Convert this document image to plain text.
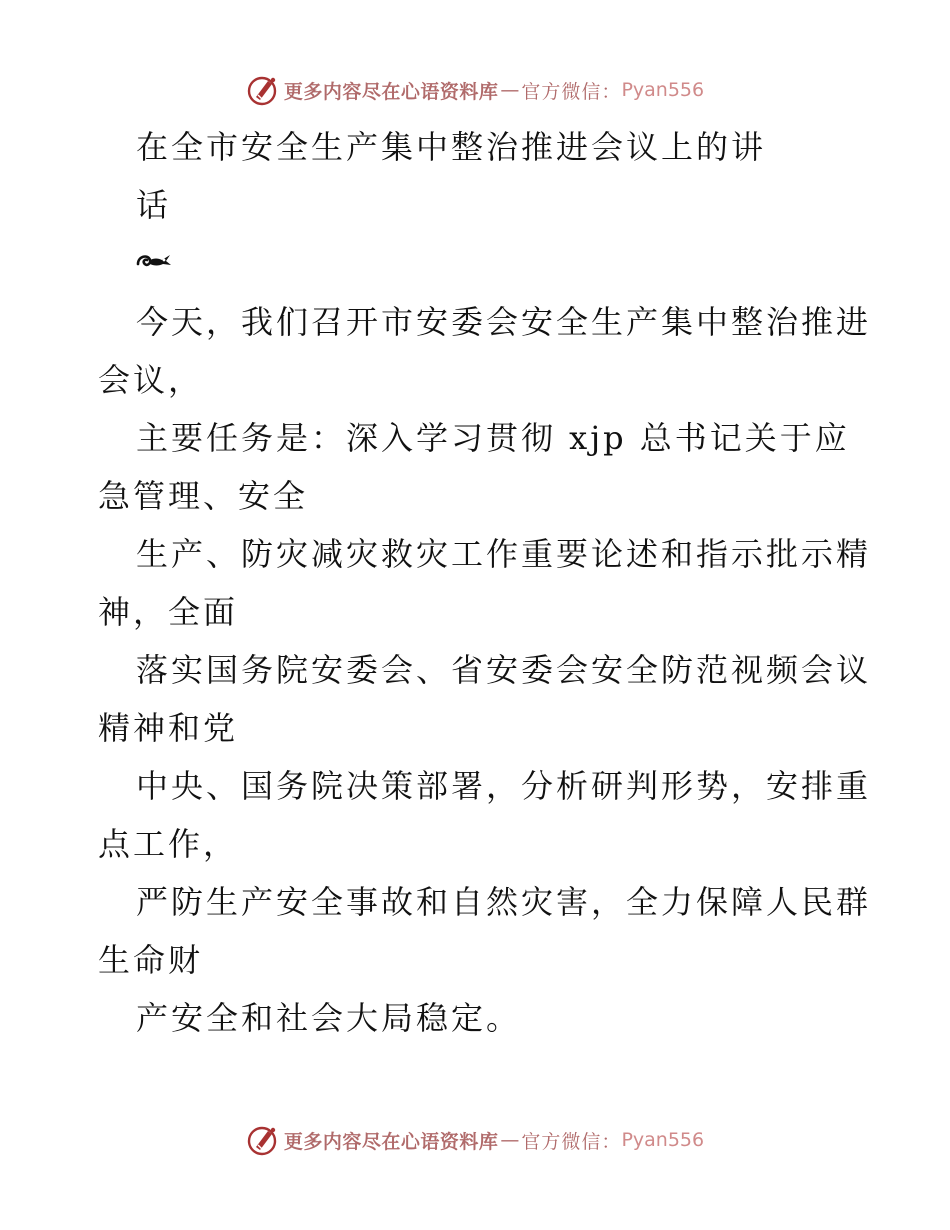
更多内容尽在心语资料库 — 官方微信： Pyan556
在全市安全生产集中整治推进会议上的讲
话
今天，我们召开市安委会安全生产集中整治推进
会议，
主要任务是：深入学习贯彻 xjp 总书记关于应
急管理、安全
生产、防灾减灾救灾工作重要论述和指示批示精
神，全面
落实国务院安委会、省安委会安全防范视频会议
精神和党
中央、国务院决策部署，分析研判形势，安排重
点工作，
严防生产安全事故和自然灾害，全力保障人民群
生命财
产安全和社会大局稳定。
更多内容尽在心语资料库 — 官方微信： Pyan556
